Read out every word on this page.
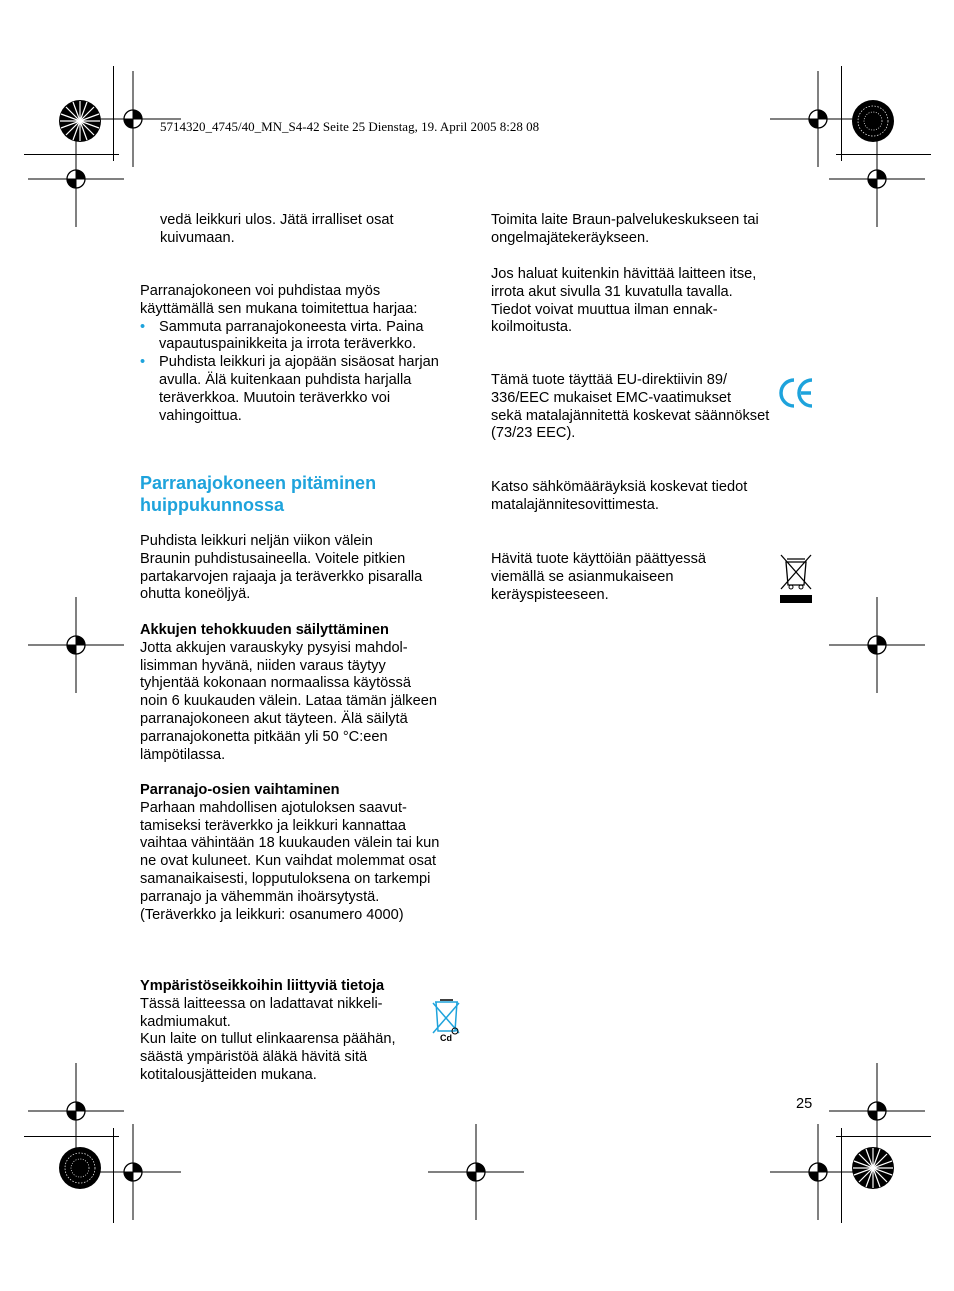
5714320_4745/40_MN_S4-42 Seite 25 Dienstag, 19. April 2005 8:28 08

vedä leikkuri ulos. Jätä irralliset osat

kuivumaan.

Parranajokoneen voi puhdistaa myös

käyttämällä sen mukana toimitettua harjaa:

• Sammuta parranajokoneesta virta. Paina

vapautuspainikkeita ja irrota teräverkko.

• Puhdista leikkuri ja ajopään sisäosat harjan

avulla. Älä kuitenkaan puhdista harjalla

teräverkkoa. Muutoin teräverkko voi

vahingoittua.

Parranajokoneen pitäminen

huippukunnossa

Puhdista leikkuri neljän viikon välein

Braunin puhdistusaineella. Voitele pitkien

partakarvojen rajaaja ja teräverkko pisaralla

ohutta koneöljyä.

Akkujen tehokkuuden säilyttäminen

Jotta akkujen varauskyky pysyisi mahdol-

lisimman hyvänä, niiden varaus täytyy

tyhjentää kokonaan normaalissa käytössä

noin 6 kuukauden välein. Lataa tämän jälkeen

parranajokoneen akut täyteen. Älä säilytä

parranajokonetta pitkään yli 50 °C:een

lämpötilassa.

Parranajo-osien vaihtaminen

Parhaan mahdollisen ajotuloksen saavut-

tamiseksi teräverkko ja leikkuri kannattaa

vaihtaa vähintään 18 kuukauden välein tai kun

ne ovat kuluneet. Kun vaihdat molemmat osat

samanaikaisesti, lopputuloksena on tarkempi

parranajo ja vähemmän ihoärsytystä.

(Teräverkko ja leikkuri: osanumero 4000)

Ympäristöseikkoihin liittyviä tietoja

Tässä laitteessa on ladattavat nikkeli-

kadmiumakut.

Kun laite on tullut elinkaarensa päähän,

säästä ympäristöä äläkä hävitä sitä

kotitalousjätteiden mukana.

Cd

Toimita laite Braun-palvelukeskukseen tai

ongelmajätekeräykseen.

Jos haluat kuitenkin hävittää laitteen itse,

irrota akut sivulla 31 kuvatulla tavalla.

Tiedot voivat muuttua ilman ennak-

koilmoitusta.

Tämä tuote täyttää EU-direktiivin 89/

336/EEC mukaiset EMC-vaatimukset

sekä matalajännitettä koskevat säännökset

(73/23 EEC).

Katso sähkömääräyksiä koskevat tiedot

matalajännitesovittimesta.

Hävitä tuote käyttöiän päättyessä

viemällä se asianmukaiseen

keräyspisteeseen.

25
